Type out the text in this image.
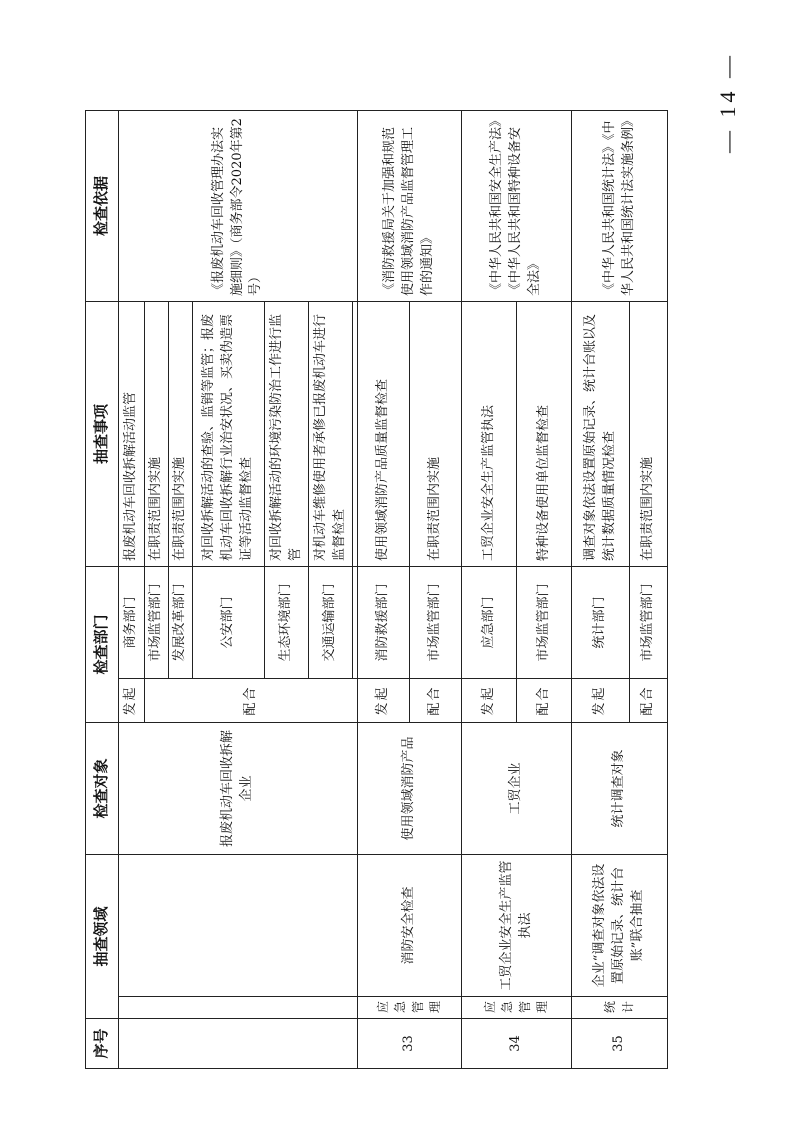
序号	抽查领域		检查对象	检查部门		抽查事项	检查依据
			报废机动车回收拆解企业	发起	商务部门	报废机动车回收拆解活动监管	《报废机动车回收管理办法实施细则》（商务部令2020年第2号）
				配合	市场监管部门	在职责范围内实施	
					发展改革部门	在职责范围内实施	
					公安部门	对回收拆解活动的查验、监销等监管；报废机动车回收拆解行业治安状况、买卖伪造票证等活动监督检查	
					生态环境部门	对回收拆解活动的环境污染防治工作进行监管	
					交通运输部门	对机动车维修使用者承修已报废机动车进行监督检查	

33	应急管理	消防安全检查	使用领域消防产品	发起	消防救援部门	使用领域消防产品质量监督检查	《消防救援局关于加强和规范使用领域消防产品监督管理工作的通知》
				配合	市场监管部门	在职责范围内实施	
34	应急管理	工贸企业安全生产监管执法	工贸企业	发起	应急部门	工贸企业安全生产监管执法	《中华人民共和国安全生产法》《中华人民共和国特种设备安全法》
				配合	市场监管部门	特种设备使用单位监督检查	
35	统计	企业“调查对象依法设置原始记录、统计台账”联合抽查	统计调查对象	发起	统计部门	调查对象依法设置原始记录、统计台账以及统计数据质量情况检查	《中华人民共和国统计法》《中华人民共和国统计法实施条例》
				配合	市场监管部门	在职责范围内实施	
— 14 —
